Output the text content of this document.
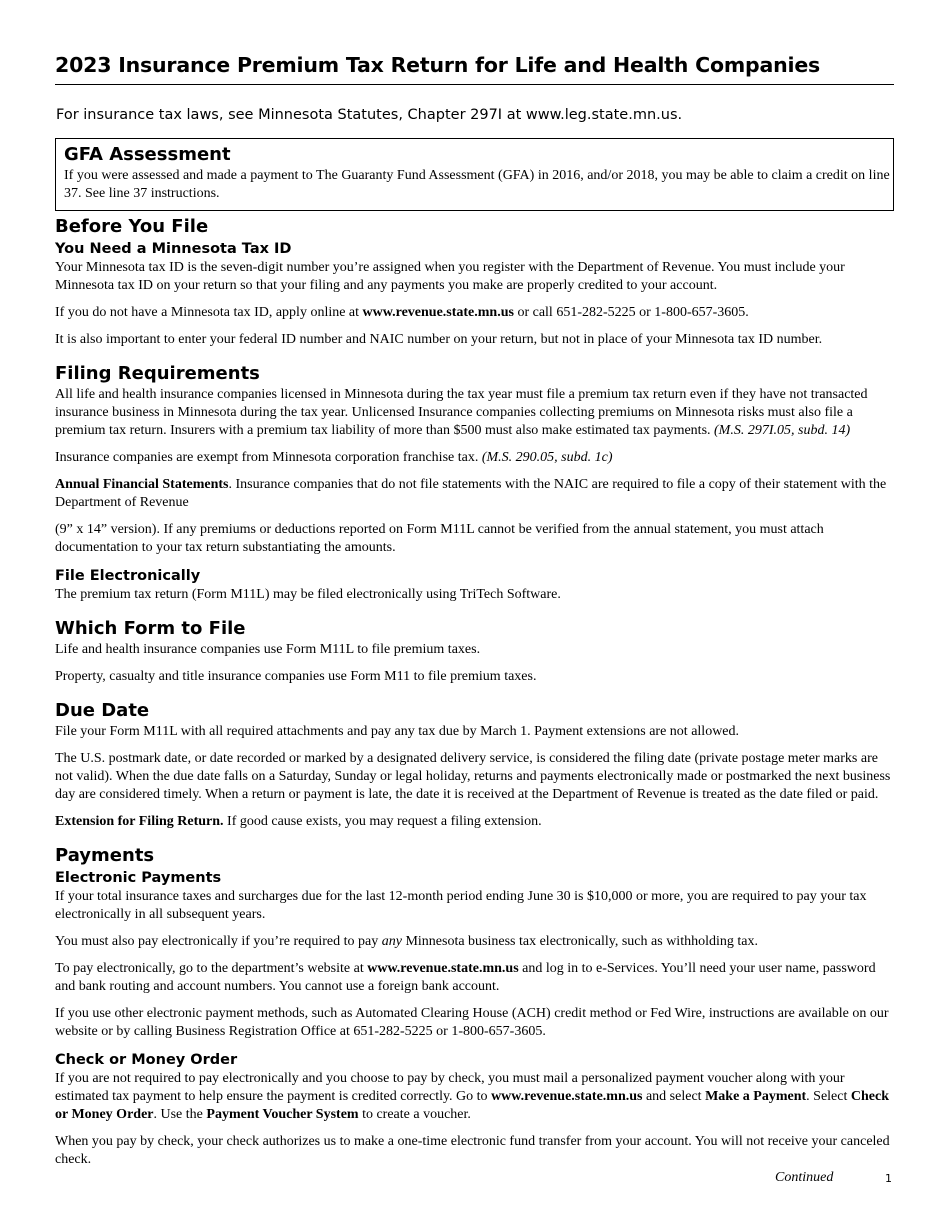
2023 Insurance Premium Tax Return for Life and Health Companies

For insurance tax laws, see Minnesota Statutes, Chapter 297I at www.leg.state.mn.us.

GFA Assessment

If you were assessed and made a payment to The Guaranty Fund Assessment (GFA) in 2016, and/or 2018, you may be able to claim a credit on line 37. See line 37 instructions.

Before You File
You Need a Minnesota Tax ID

Your Minnesota tax ID is the seven-digit number you’re assigned when you register with the Department of Revenue. You must include your Minnesota tax ID on your return so that your filing and any payments you make are properly credited to your account.

If you do not have a Minnesota tax ID, apply online at www.revenue.state.mn.us or call 651-282-5225 or 1-800-657-3605.

It is also important to enter your federal ID number and NAIC number on your return, but not in place of your Minnesota tax ID number.

Filing Requirements

All life and health insurance companies licensed in Minnesota during the tax year must file a premium tax return even if they have not transacted insurance business in Minnesota during the tax year. Unlicensed Insurance companies collecting premiums on Minnesota risks must also file a premium tax return. Insurers with a premium tax liability of more than $500 must also make estimated tax payments. (M.S. 297I.05, subd. 14)

Insurance companies are exempt from Minnesota corporation franchise tax. (M.S. 290.05, subd. 1c)

Annual Financial Statements. Insurance companies that do not file statements with the NAIC are required to file a copy of their statement with the Department of Revenue

(9” x 14” version). If any premiums or deductions reported on Form M11L cannot be verified from the annual statement, you must attach documentation to your tax return substantiating the amounts.

File Electronically

The premium tax return (Form M11L) may be filed electronically using TriTech Software.

Which Form to File

Life and health insurance companies use Form M11L to file premium taxes.

Property, casualty and title insurance companies use Form M11 to file premium taxes.

Due Date

File your Form M11L with all required attachments and pay any tax due by March 1. Payment extensions are not allowed.

The U.S. postmark date, or date recorded or marked by a designated delivery service, is considered the filing date (private postage meter marks are not valid). When the due date falls on a Saturday, Sunday or legal holiday, returns and payments electronically made or postmarked the next business day are considered timely. When a return or payment is late, the date it is received at the Department of Revenue is treated as the date filed or paid.

Extension for Filing Return. If good cause exists, you may request a filing extension.

Payments
Electronic Payments

If your total insurance taxes and surcharges due for the last 12-month period ending June 30 is $10,000 or more, you are required to pay your tax electronically in all subsequent years.

You must also pay electronically if you’re required to pay any Minnesota business tax electronically, such as withholding tax.

To pay electronically, go to the department’s website at www.revenue.state.mn.us and log in to e-Services. You’ll need your user name, password and bank routing and account numbers. You cannot use a foreign bank account.

If you use other electronic payment methods, such as Automated Clearing House (ACH) credit method or Fed Wire, instructions are available on our website or by calling Business Registration Office at 651-282-5225 or 1-800-657-3605.

Check or Money Order

If you are not required to pay electronically and you choose to pay by check, you must mail a personalized payment voucher along with your estimated tax payment to help ensure the payment is credited correctly. Go to www.revenue.state.mn.us and select Make a Payment. Select Check or Money Order. Use the Payment Voucher System to create a voucher.

When you pay by check, your check authorizes us to make a one-time electronic fund transfer from your account. You will not receive your canceled check.

Continued	1
